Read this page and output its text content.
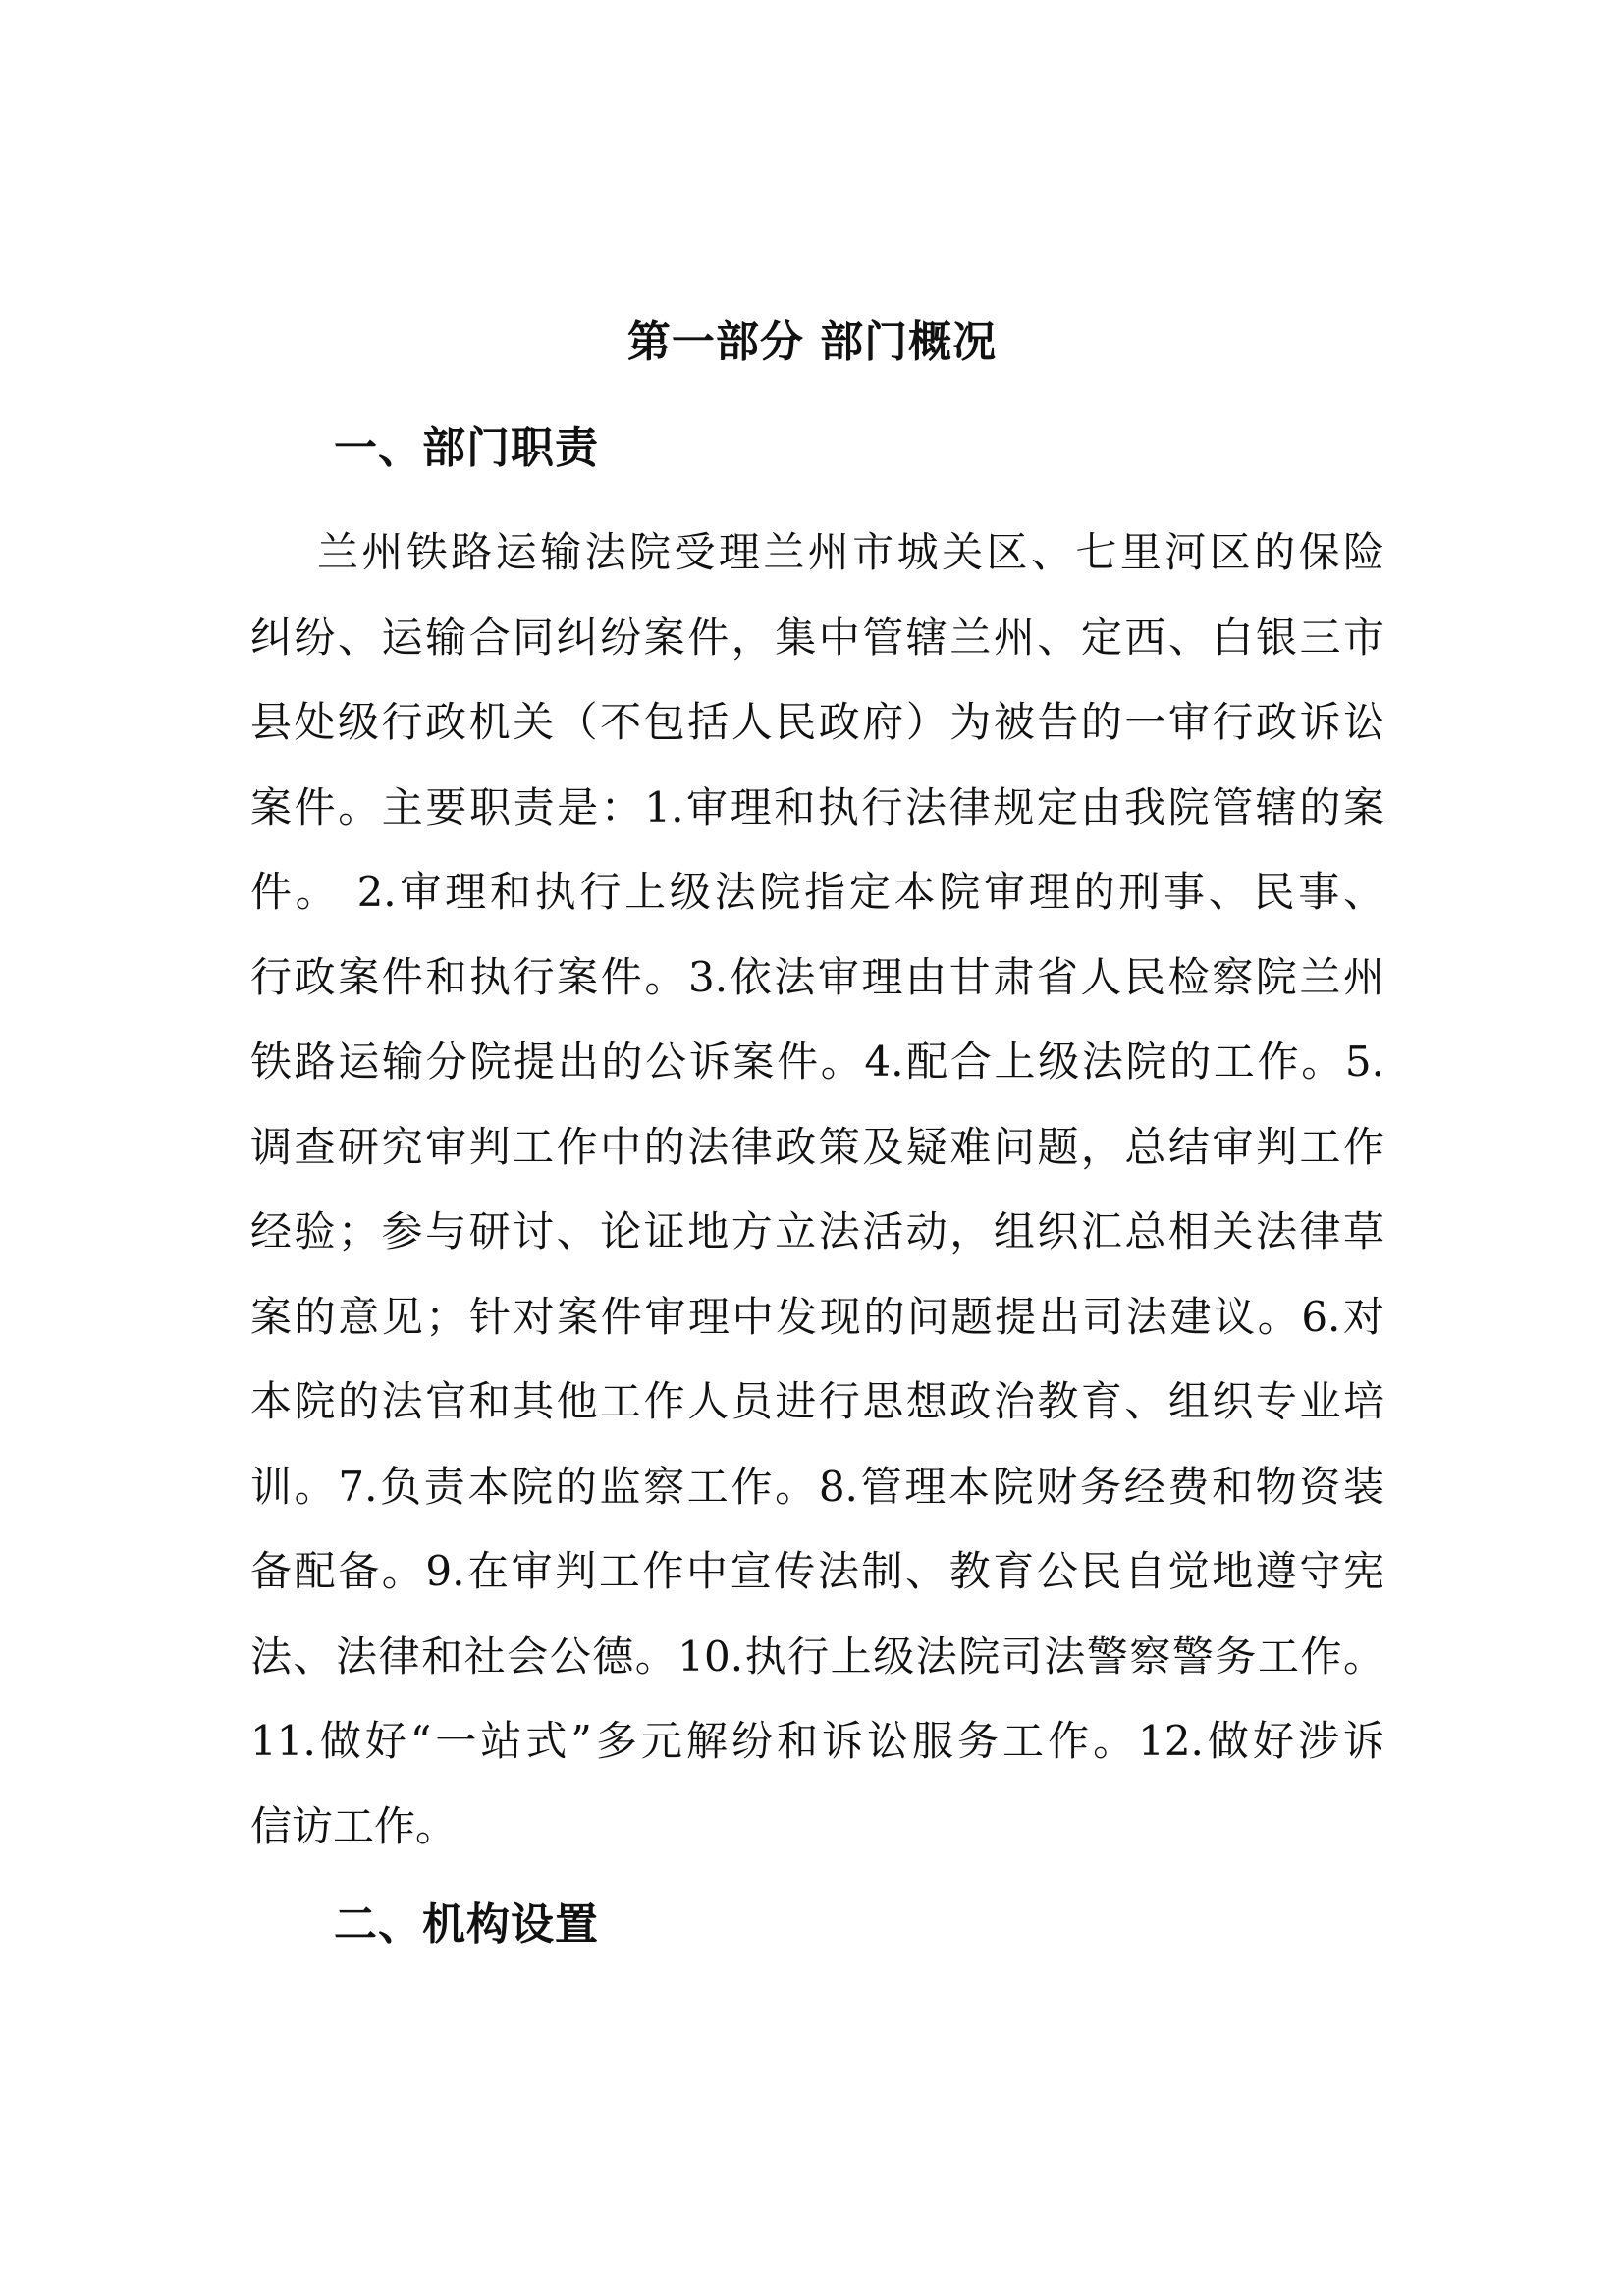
第一部分 部门概况
一、部门职责
兰州铁路运输法院受理兰州市城关区、七里河区的保险
纠纷、运输合同纠纷案件，集中管辖兰州、定西、白银三市
县处级行政机关（不包括人民政府）为被告的一审行政诉讼
案件。主要职责是：1.审理和执行法律规定由我院管辖的案
件。 2.审理和执行上级法院指定本院审理的刑事、民事、
行政案件和执行案件。3.依法审理由甘肃省人民检察院兰州
铁路运输分院提出的公诉案件。4.配合上级法院的工作。5.
调查研究审判工作中的法律政策及疑难问题，总结审判工作
经验；参与研讨、论证地方立法活动，组织汇总相关法律草
案的意见；针对案件审理中发现的问题提出司法建议。6.对
本院的法官和其他工作人员进行思想政治教育、组织专业培
训。7.负责本院的监察工作。8.管理本院财务经费和物资装
备配备。9.在审判工作中宣传法制、教育公民自觉地遵守宪
法、法律和社会公德。10.执行上级法院司法警察警务工作。
11.做好“一站式”多元解纷和诉讼服务工作。12.做好涉诉
信访工作。
二、机构设置
